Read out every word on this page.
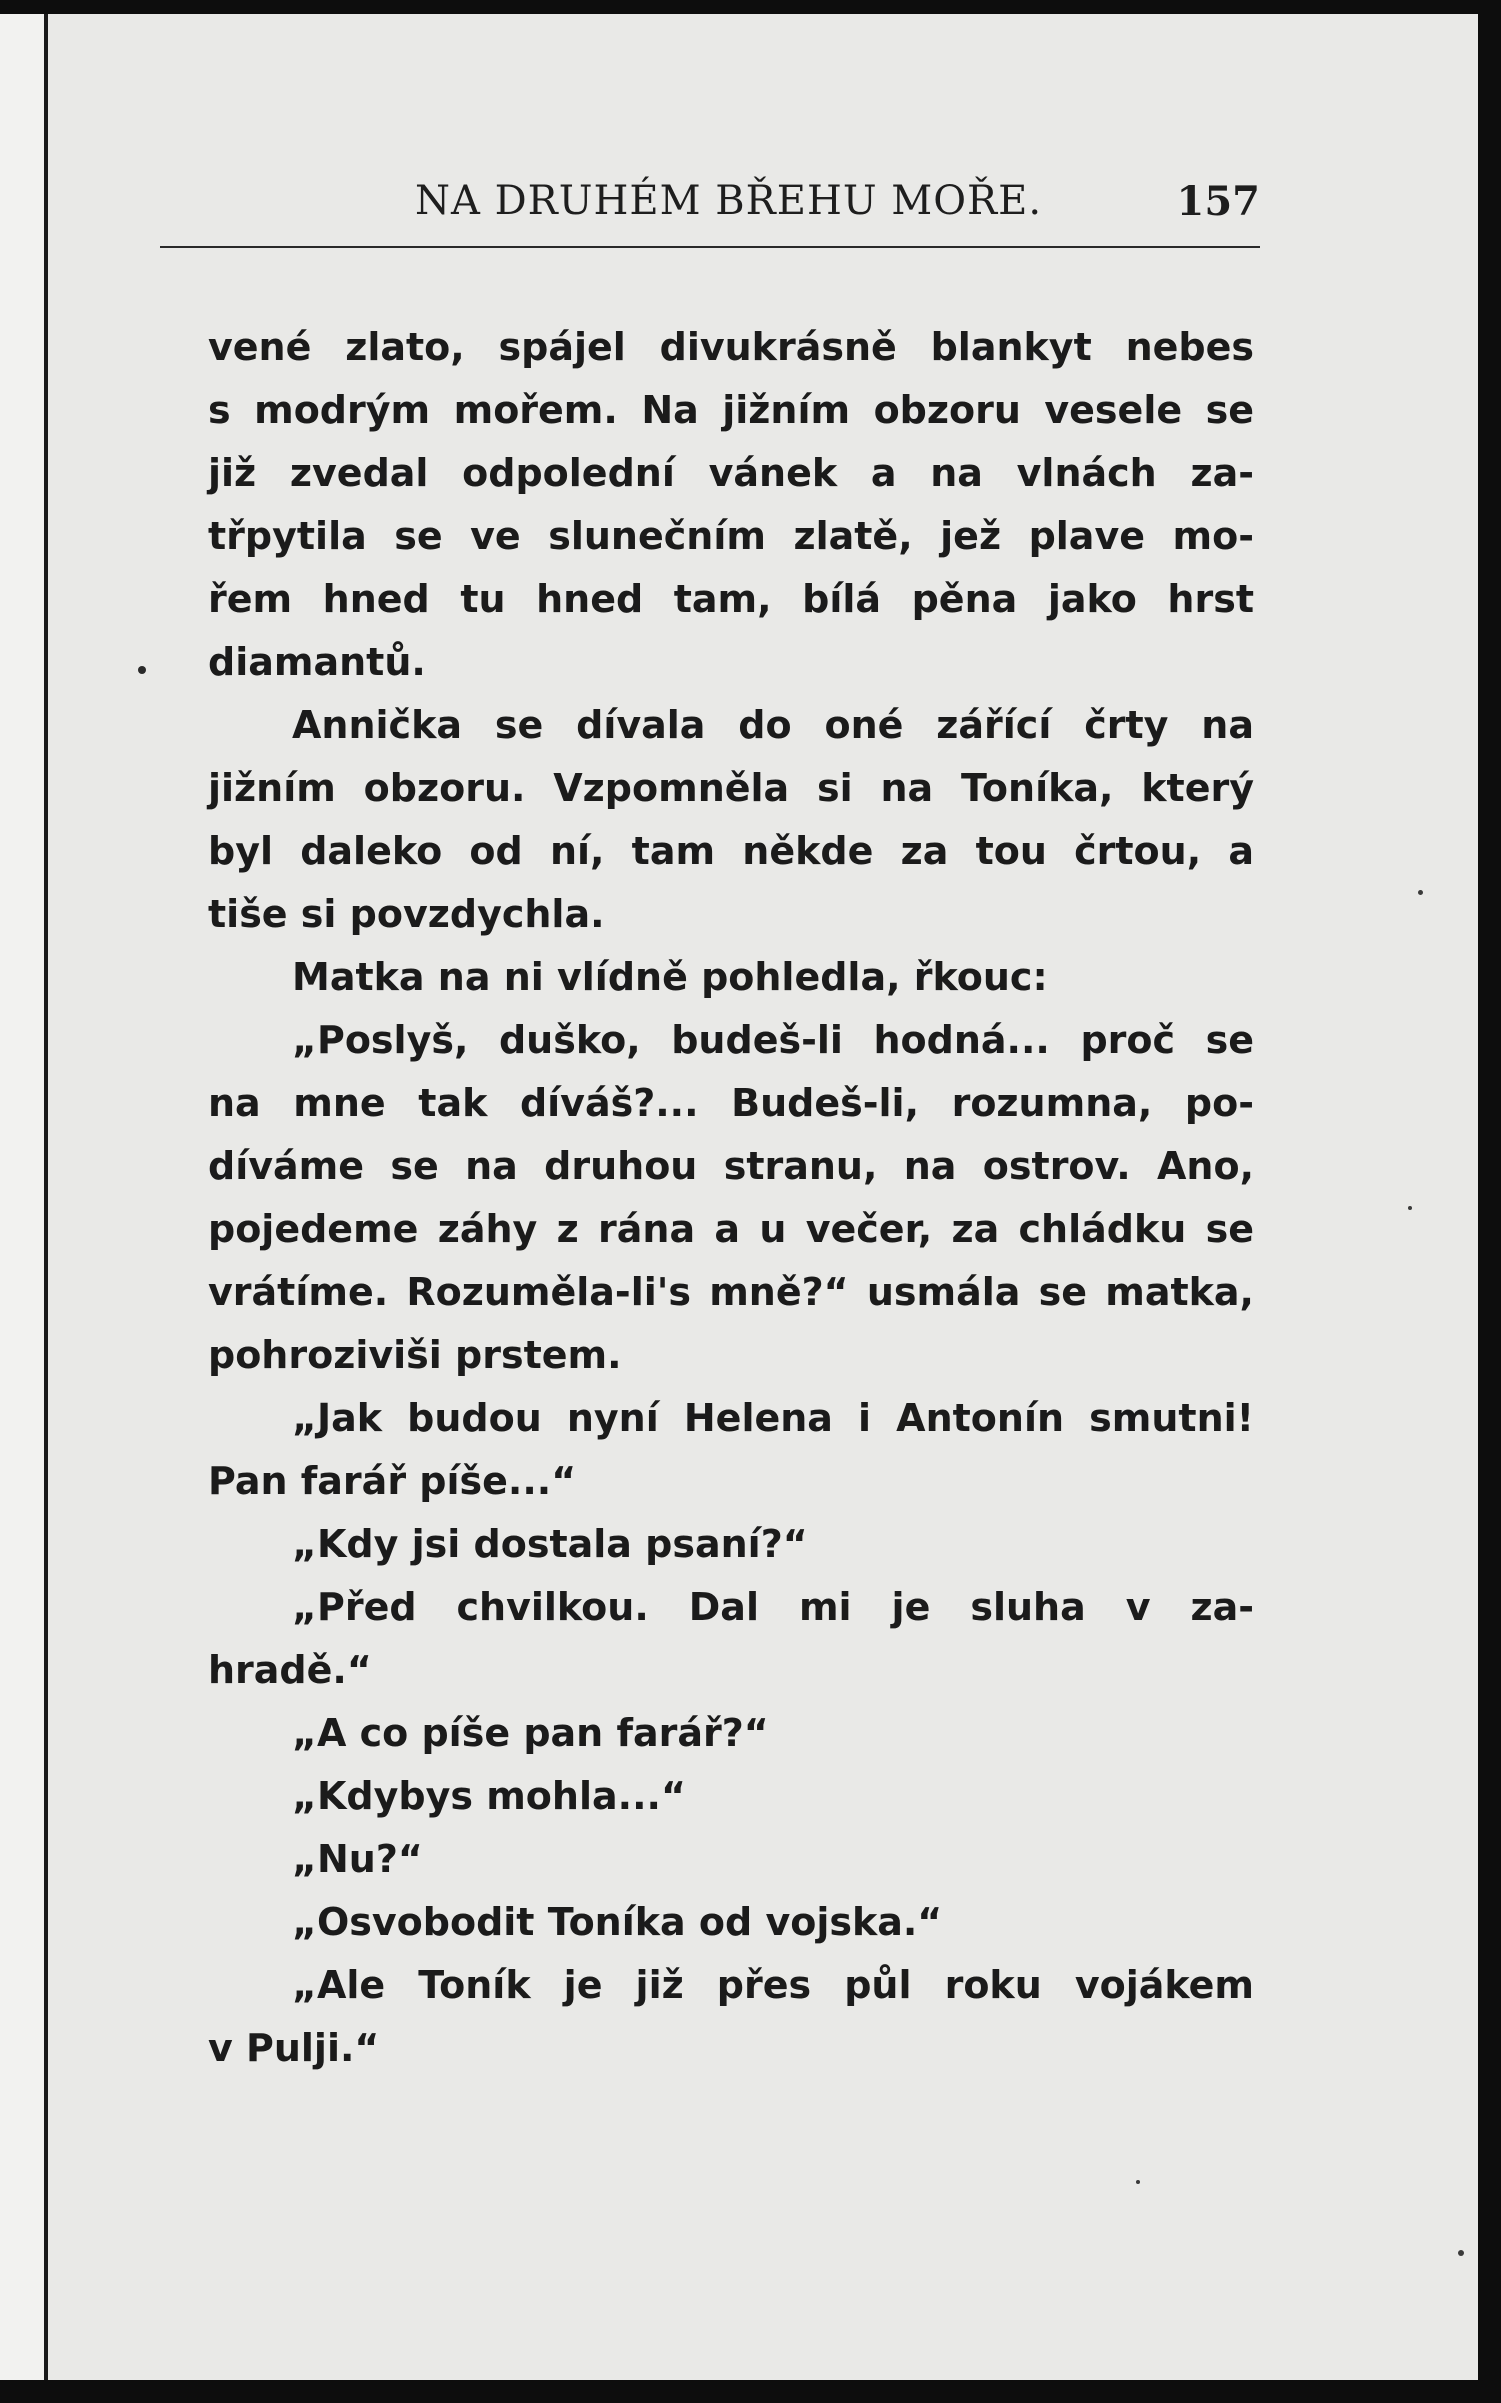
NA DRUHÉM BŘEHU MOŘE.	157
vené zlato, spájel divukrásně blankyt nebes
s modrým mořem. Na jižním obzoru vesele se
již zvedal odpolední vánek a na vlnách za-
třpytila se ve slunečním zlatě, jež plave mo-
řem hned tu hned tam, bílá pěna jako hrst
diamantů.
Annička se dívala do oné zářící črty na
jižním obzoru. Vzpomněla si na Toníka, který
byl daleko od ní, tam někde za tou črtou, a
tiše si povzdychla.
Matka na ni vlídně pohledla, řkouc:
„Poslyš, duško, budeš-li hodná... proč se
na mne tak díváš?... Budeš-li, rozumna, po-
díváme se na druhou stranu, na ostrov. Ano,
pojedeme záhy z rána a u večer, za chládku se
vrátíme. Rozuměla-li's mně?“ usmála se matka,
pohroziviši prstem.
„Jak budou nyní Helena i Antonín smutni!
Pan farář píše...“
„Kdy jsi dostala psaní?“
„Před chvilkou. Dal mi je sluha v za-
hradě.“
„A co píše pan farář?“
„Kdybys mohla...“
„Nu?“
„Osvobodit Toníka od vojska.“
„Ale Toník je již přes půl roku vojákem
v Pulji.“
